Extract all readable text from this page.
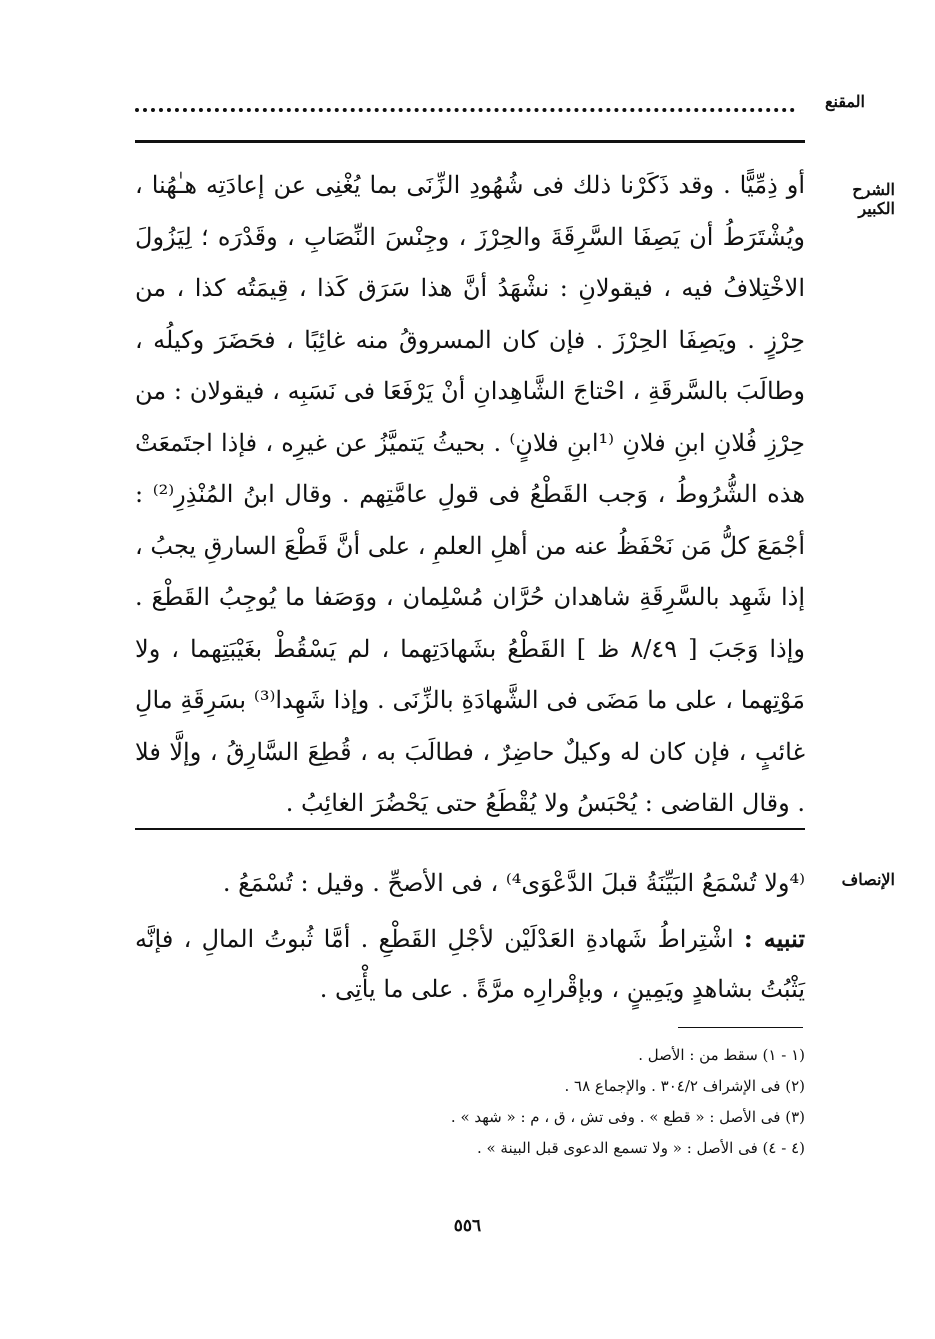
المقنع
الشرح الكبير

أو ذِمِّيًّا . وقد ذَكَرْنا ذلك فى شُهُودِ الزِّنَى بما يُغْنِى عن إعادَتِه هـٰهُنا ، ويُشْتَرَطُ أن يَصِفَا السَّرِقَةَ والحِرْزَ ، وجِنْسَ النِّصَابِ ، وقَدْرَه ؛ لِيَزُولَ الاخْتِلافُ فيه ، فيقولانِ : نشْهَدُ أنَّ هذا سَرَق كَذا ، قِيمَتُه كذا ، من حِرْزٍ . ويَصِفَا الحِرْزَ . فإن كان المسروقُ منه غائِبًا ، فحَضَرَ وكيلُه ، وطالَبَ بالسَّرقَةِ ، احْتاجَ الشَّاهِدانِ أنْ يَرْفَعَا فى نَسَبِه ، فيقولان : من حِرْزِ فُلانِ ابنِ فلانِ ⁽¹ابنِ فلانٍ⁾ . بحيثُ يَتميَّزُ عن غيرِه ، فإذا اجتَمعَتْ هذه الشُّرُوطُ ، وَجب القَطْعُ فى قولِ عامَّتِهم . وقال ابنُ المُنْذِرِ⁽²⁾ : أجْمَعَ كلُّ مَن نَحْفَظُ عنه من أهلِ العلمِ ، على أنَّ قَطْعَ السارقِ يجبُ ، إذا شَهِد بالسَّرِقَةِ شاهدان حُرَّان مُسْلِمان ، ووَصَفا ما يُوجِبُ القَطْعَ . وإذا وَجَبَ [ ٨/٤٩ ظ ] القَطْعُ بشَهادَتِهما ، لم يَسْقُطْ بغَيْبَتِهما ، ولا مَوْتِهما ، على ما مَضَى فى الشَّهادَةِ بالزِّنَى . وإذا شَهِدا⁽³⁾ بسَرِقَةِ مالِ غائبٍ ، فإن كان له وكيلٌ حاضِرٌ ، فطالَبَ به ، قُطِعَ السَّارِقُ ، وإلَّا فلا . وقال القاضى : يُحْبَسُ ولا يُقْطَعُ حتى يَحْضُرَ الغائِبُ .

الإنصاف

⁽⁴ولا تُسْمَعُ البَيِّنَةُ قبلَ الدَّعْوَى⁴⁾ ، فى الأصحِّ . وقيل : تُسْمَعُ .

تنبيه : اشْتِراطُ شَهادةِ العَدْلَيْن لأجْلِ القَطْعِ . أمَّا ثُبوتُ المالِ ، فإنَّه يَثْبُتُ بشاهدٍ ويَمِينٍ ، وبإقْرارِه مرَّةً . على ما يأْتِى .

(١ - ١) سقط من : الأصل .
(٢) فى الإشراف ٣٠٤/٢ . والإجماع ٦٨ .
(٣) فى الأصل : « قطع » . وفى تش ، ق ، م : « شهد » .
(٤ - ٤) فى الأصل : « ولا تسمع الدعوى قبل البينة » .
٥٥٦
